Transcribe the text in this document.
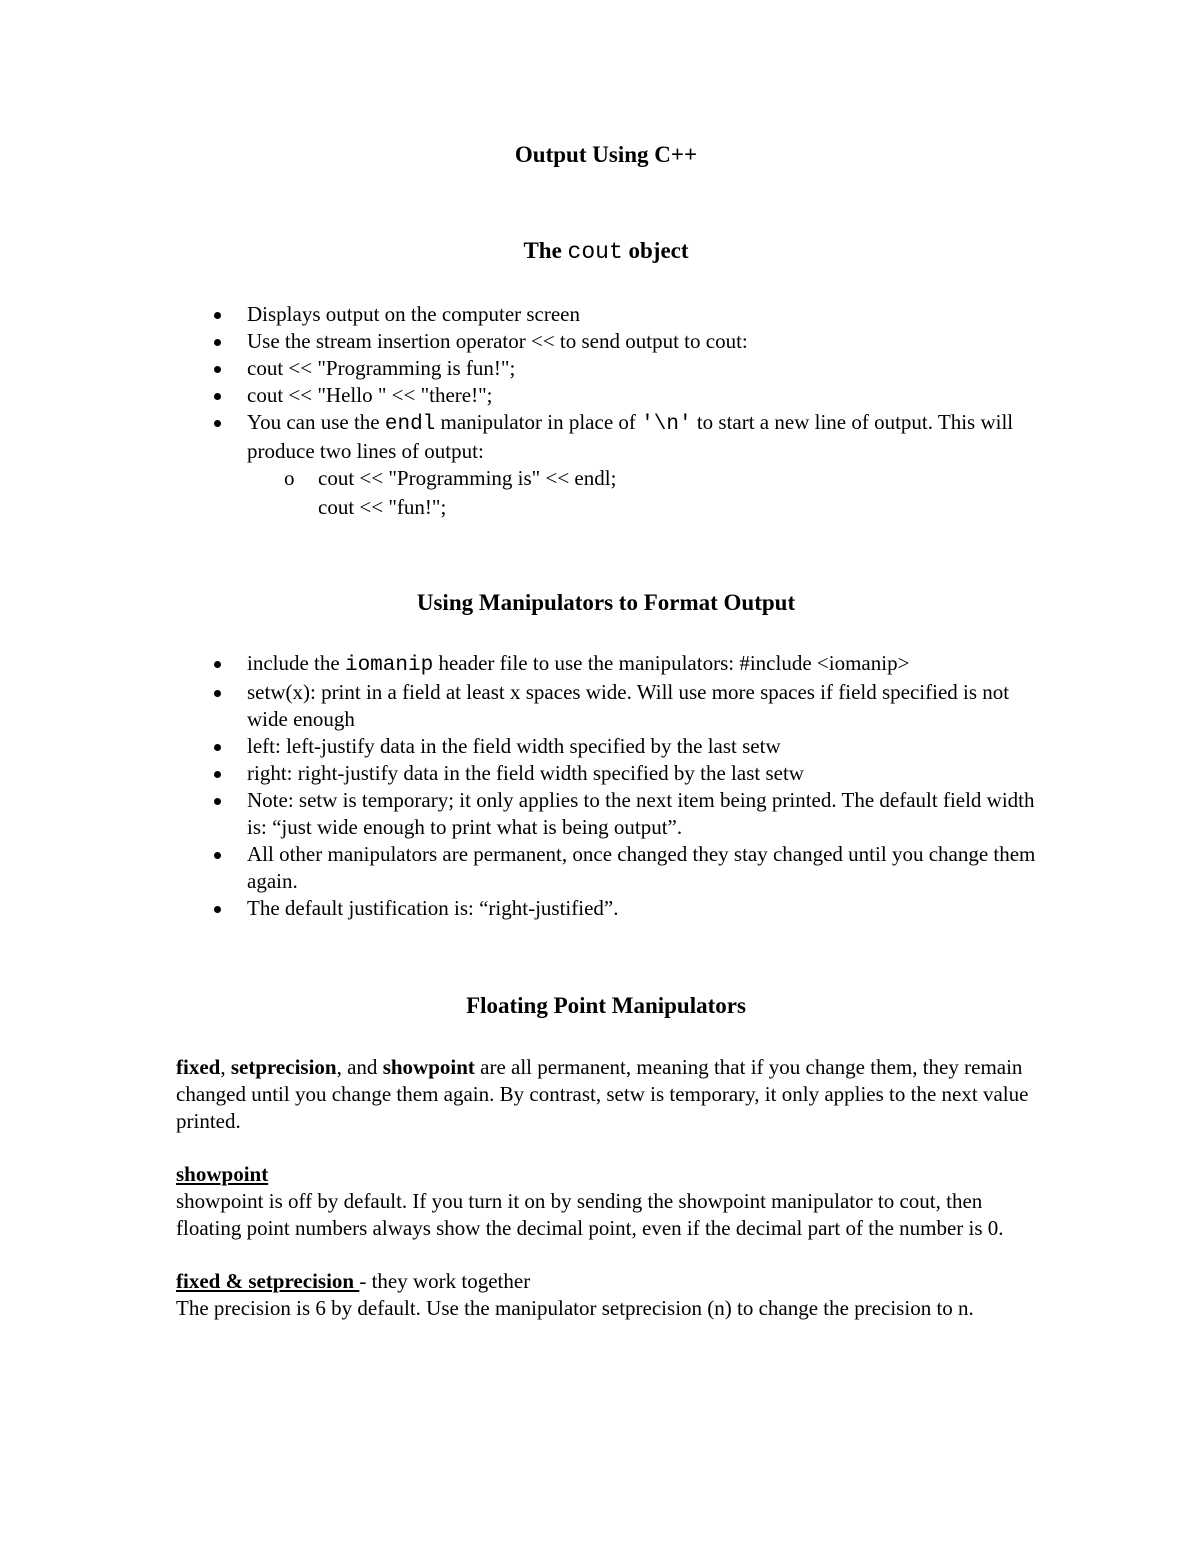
Output Using C++
The cout object
Displays output on the computer screen
Use the stream insertion operator << to send output to cout:
cout << "Programming is fun!";
cout << "Hello " << "there!";
You can use the endl manipulator in place of '\n' to start a new line of output. This will produce two lines of output:
o cout << "Programming is" << endl;
cout << "fun!";
Using Manipulators to Format Output
include the iomanip header file to use the manipulators: #include <iomanip>
setw(x): print in a field at least x spaces wide. Will use more spaces if field specified is not wide enough
left: left-justify data in the field width specified by the last setw
right: right-justify data in the field width specified by the last setw
Note: setw is temporary; it only applies to the next item being printed. The default field width is: “just wide enough to print what is being output”.
All other manipulators are permanent, once changed they stay changed until you change them again.
The default justification is: “right-justified”.
Floating Point Manipulators

fixed, setprecision, and showpoint are all permanent, meaning that if you change them, they remain changed until you change them again. By contrast, setw is temporary, it only applies to the next value printed.

showpoint

showpoint is off by default. If you turn it on by sending the showpoint manipulator to cout, then floating point numbers always show the decimal point, even if the decimal part of the number is 0.

fixed & setprecision - they work together

The precision is 6 by default. Use the manipulator setprecision (n) to change the precision to n.
